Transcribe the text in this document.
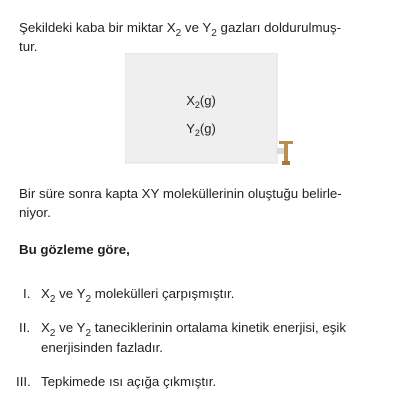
Şekildeki kaba bir miktar $X_2$ ve $Y_2$ gazları doldurulmuş-
tur.
$X_2(g)$
$Y_2(g)$
Bir süre sonra kapta XY moleküllerinin oluştuğu belirle-
niyor.
Bu gözleme göre,
I. $X_2$ ve $Y_2$ molekülleri çarpışmıştır.
II. $X_2$ ve $Y_2$ taneciklerinin ortalama kinetik enerjisi, eşik
enerjisinden fazladır.
III. Tepkimede ısı açığa çıkmıştır.
